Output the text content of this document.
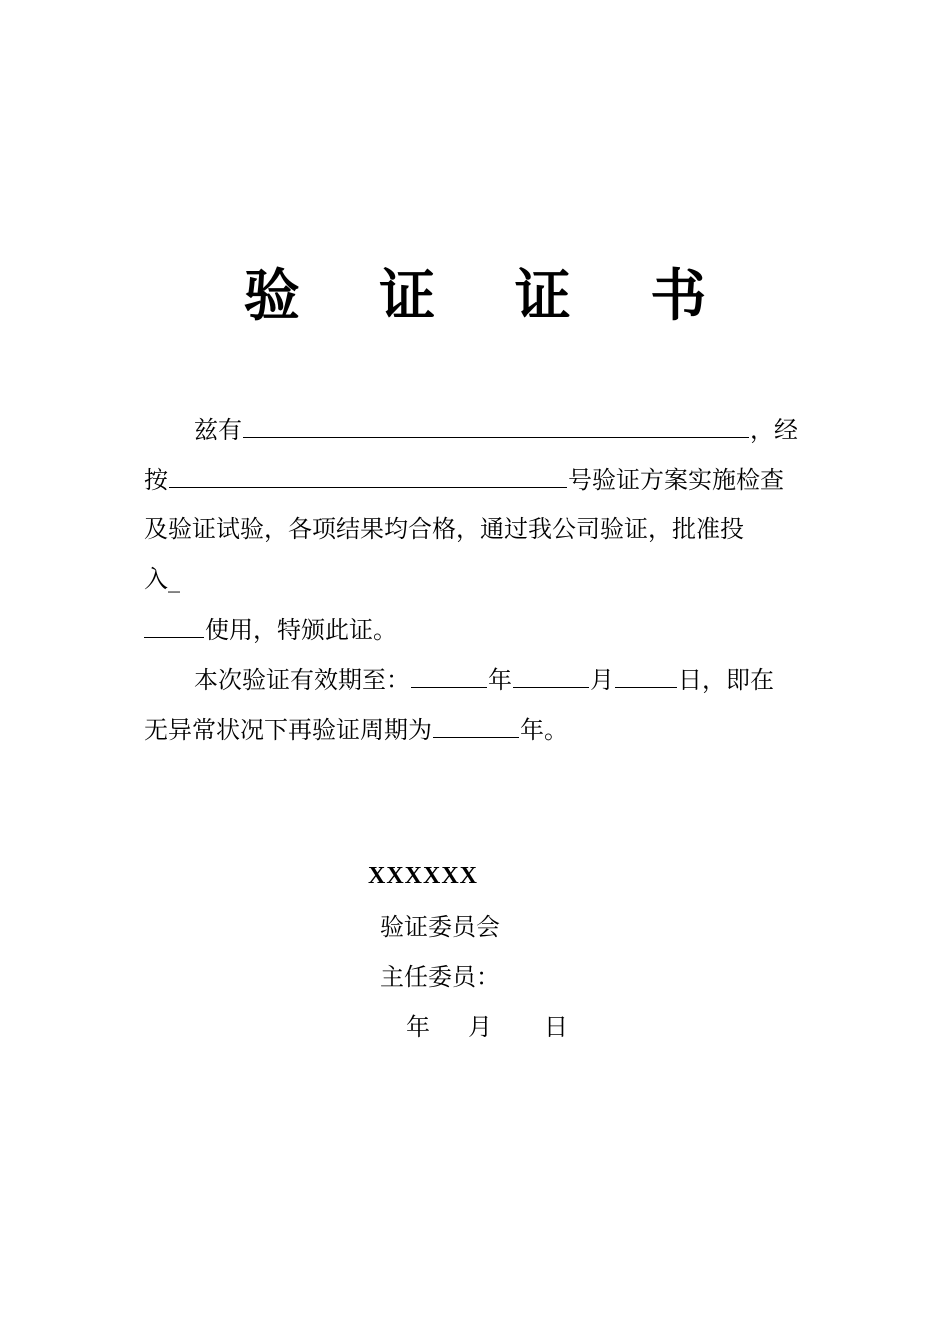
验 证 证 书
兹有	，经
按	号验证方案实施检查
及验证试验，各项结果均合格，通过我公司验证，批准投
入_
使用，特颁此证。
本次验证有效期至：	年	月	日，即在
无异常状况下再验证周期为	年。
XXXXXX
验证委员会
主任委员：
年 月 日
